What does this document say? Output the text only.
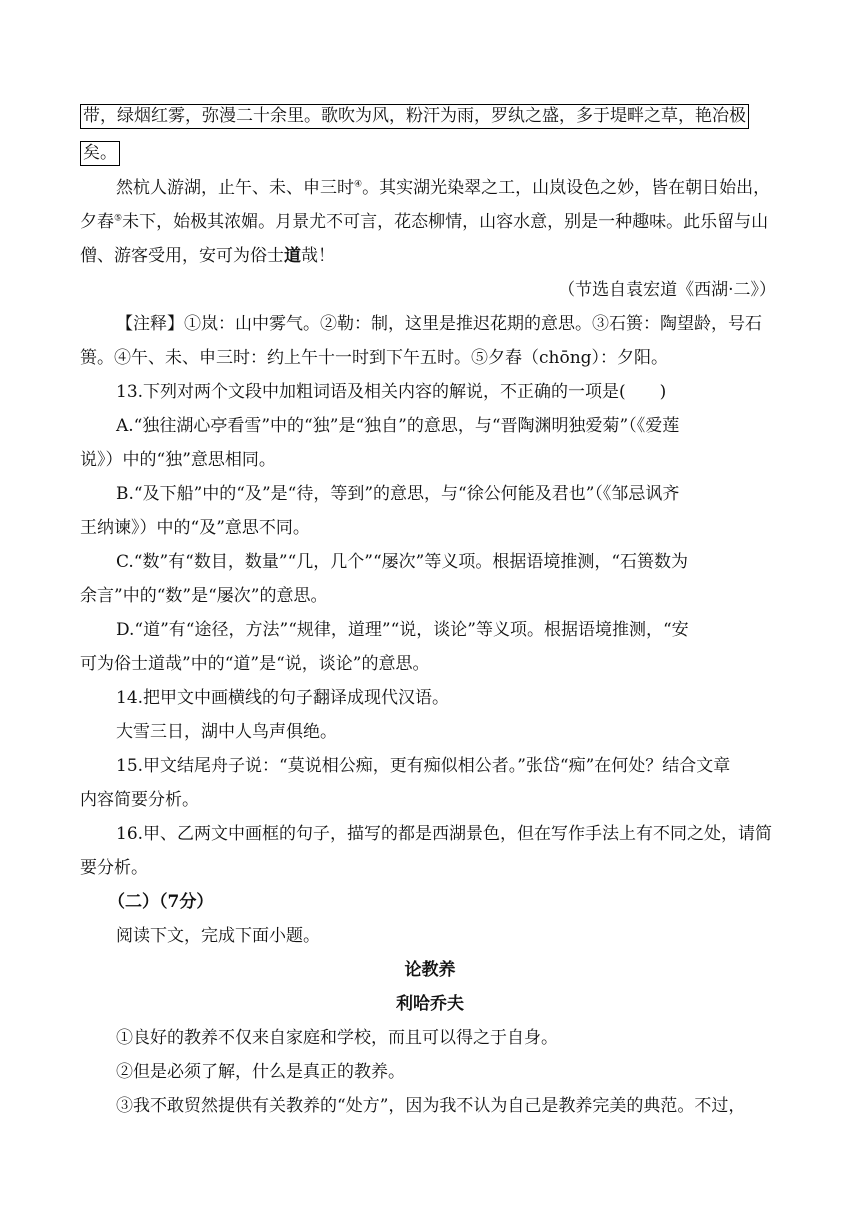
带，绿烟红雾，弥漫二十余里。歌吹为风，粉汗为雨，罗纨之盛，多于堤畔之草，艳冶极
矣。
然杭人游湖，止午、未、申三时④。其实湖光染翠之工，山岚设色之妙，皆在朝日始出，
夕舂⑤未下，始极其浓媚。月景尤不可言，花态柳情，山容水意，别是一种趣味。此乐留与山
僧、游客受用，安可为俗士道哉！
（节选自袁宏道《西湖·二》）
【注释】①岚：山中雾气。②勒：制，这里是推迟花期的意思。③石篑：陶望龄，号石
篑。④午、未、申三时：约上午十一时到下午五时。⑤夕舂（chōng）：夕阳。
13.下列对两个文段中加粗词语及相关内容的解说，不正确的一项是(　　)
A.“独往湖心亭看雪”中的“独”是“独自”的意思，与“晋陶渊明独爱菊”（《爱莲
说》）中的“独”意思相同。
B.“及下船”中的“及”是“待，等到”的意思，与“徐公何能及君也”（《邹忌讽齐
王纳谏》）中的“及”意思不同。
C.“数”有“数目，数量”“几，几个”“屡次”等义项。根据语境推测，“石篑数为
余言”中的“数”是“屡次”的意思。
D.“道”有“途径，方法”“规律，道理”“说，谈论”等义项。根据语境推测，“安
可为俗士道哉”中的“道”是“说，谈论”的意思。
14.把甲文中画横线的句子翻译成现代汉语。
大雪三日，湖中人鸟声俱绝。
15.甲文结尾舟子说：“莫说相公痴，更有痴似相公者。”张岱“痴”在何处？结合文章
内容简要分析。
16.甲、乙两文中画框的句子，描写的都是西湖景色，但在写作手法上有不同之处，请简
要分析。
（二）（7分）
阅读下文，完成下面小题。
论教养
利哈乔夫
①良好的教养不仅来自家庭和学校，而且可以得之于自身。
②但是必须了解，什么是真正的教养。
③我不敢贸然提供有关教养的“处方”，因为我不认为自己是教养完美的典范。不过，
